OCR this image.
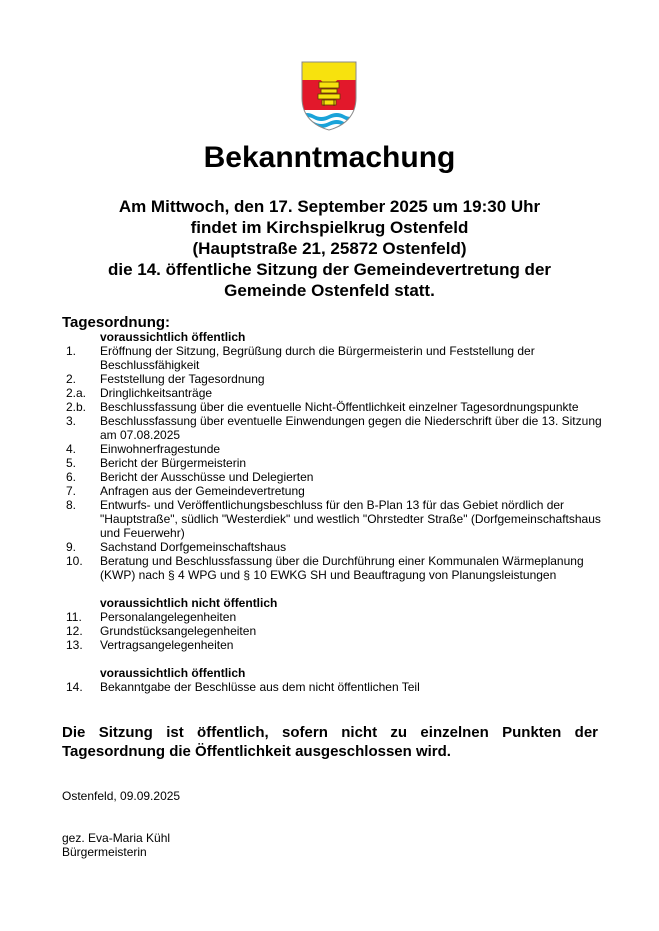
Bekanntmachung
Am Mittwoch, den 17. September 2025 um 19:30 Uhr
findet im Kirchspielkrug Ostenfeld
(Hauptstraße 21, 25872 Ostenfeld)
die 14. öffentliche Sitzung der Gemeindevertretung der
Gemeinde Ostenfeld statt.
Tagesordnung:
voraussichtlich öffentlich
1.	Eröffnung der Sitzung, Begrüßung durch die Bürgermeisterin und Feststellung der Beschlussfähigkeit
2.	Feststellung der Tagesordnung
2.a.	Dringlichkeitsanträge
2.b.	Beschlussfassung über die eventuelle Nicht-Öffentlichkeit einzelner Tagesordnungspunkte
3.	Beschlussfassung über eventuelle Einwendungen gegen die Niederschrift über die 13. Sitzung am 07.08.2025
4.	Einwohnerfragestunde
5.	Bericht der Bürgermeisterin
6.	Bericht der Ausschüsse und Delegierten
7.	Anfragen aus der Gemeindevertretung
8.	Entwurfs- und Veröffentlichungsbeschluss für den B-Plan 13 für das Gebiet nördlich der "Hauptstraße", südlich "Westerdiek" und westlich "Ohrstedter Straße" (Dorfgemeinschaftshaus und Feuerwehr)
9.	Sachstand Dorfgemeinschaftshaus
10.	Beratung und Beschlussfassung über die Durchführung einer Kommunalen Wärmeplanung (KWP) nach § 4 WPG und § 10 EWKG SH und Beauftragung von Planungsleistungen
voraussichtlich nicht öffentlich
11.	Personalangelegenheiten
12.	Grundstücksangelegenheiten
13.	Vertragsangelegenheiten
voraussichtlich öffentlich
14.	Bekanntgabe der Beschlüsse aus dem nicht öffentlichen Teil
Die Sitzung ist öffentlich, sofern nicht zu einzelnen Punkten der Tagesordnung die Öffentlichkeit ausgeschlossen wird.
Ostenfeld, 09.09.2025
gez. Eva-Maria Kühl
Bürgermeisterin
